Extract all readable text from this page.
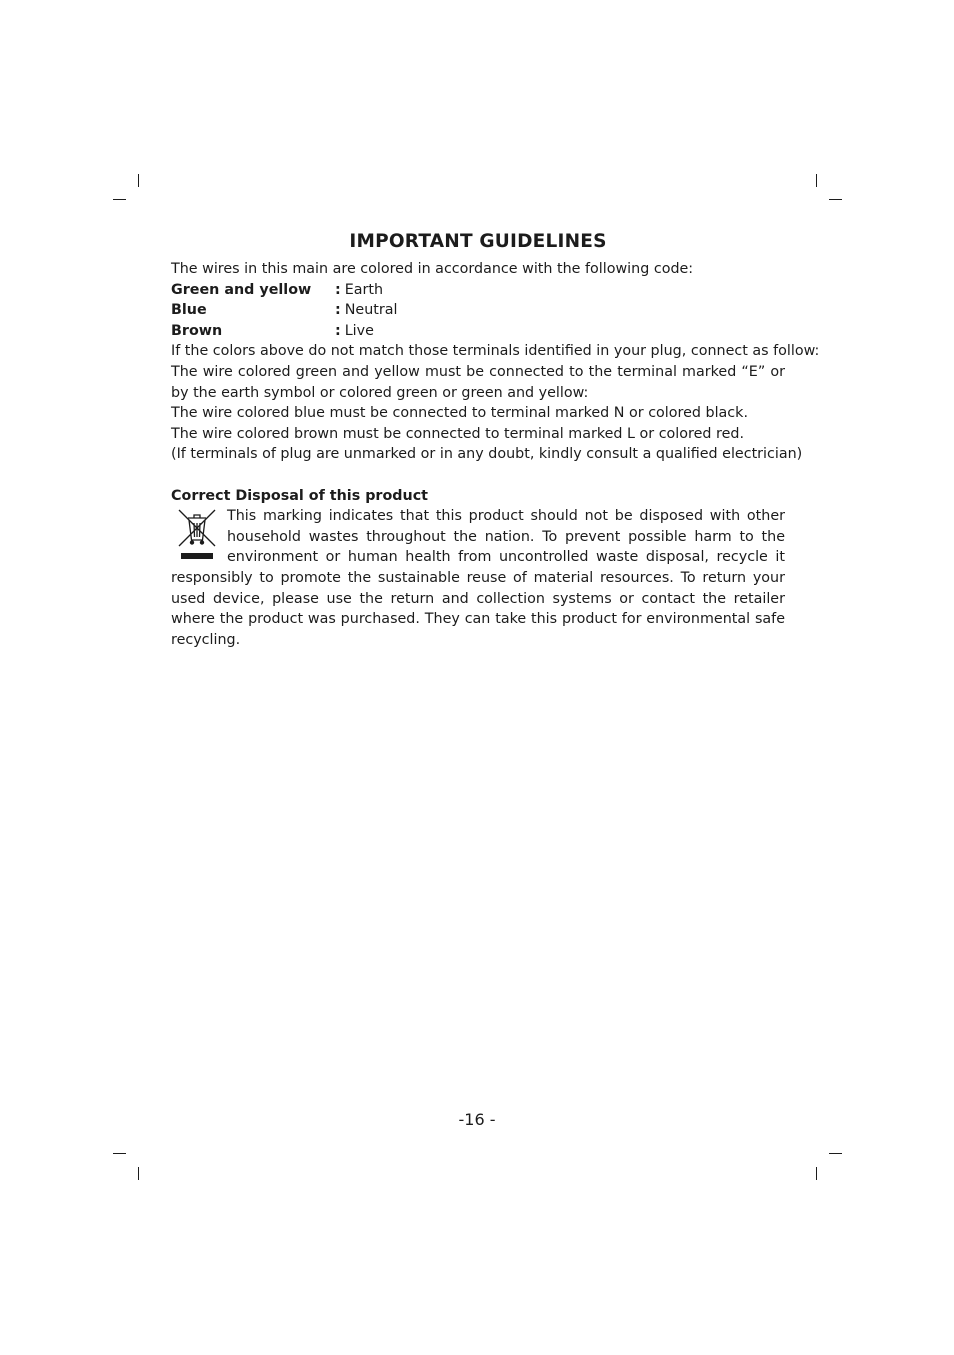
IMPORTANT GUIDELINES
The wires in this main are colored in accordance with the following code:
Green and yellow	: Earth
Blue	: Neutral
Brown	: Live
If the colors above do not match those terminals identified in your plug, connect as follow:
The wire colored green and yellow must be connected to the terminal marked “E” or by the earth symbol or colored green or green and yellow:
The wire colored blue must be connected to terminal marked N or colored black.
The wire colored brown must be connected to terminal marked L or colored red.
(If terminals of plug are unmarked or in any doubt, kindly consult a qualified electrician)
Correct Disposal of this product
This marking indicates that this product should not be disposed with other household wastes throughout the nation. To prevent possible harm to the environment or human health from uncontrolled waste disposal, recycle it responsibly to promote the sustainable reuse of material resources. To return your used device, please use the return and collection systems or contact the retailer where the product was purchased. They can take this product for environmental safe recycling.
-16 -
